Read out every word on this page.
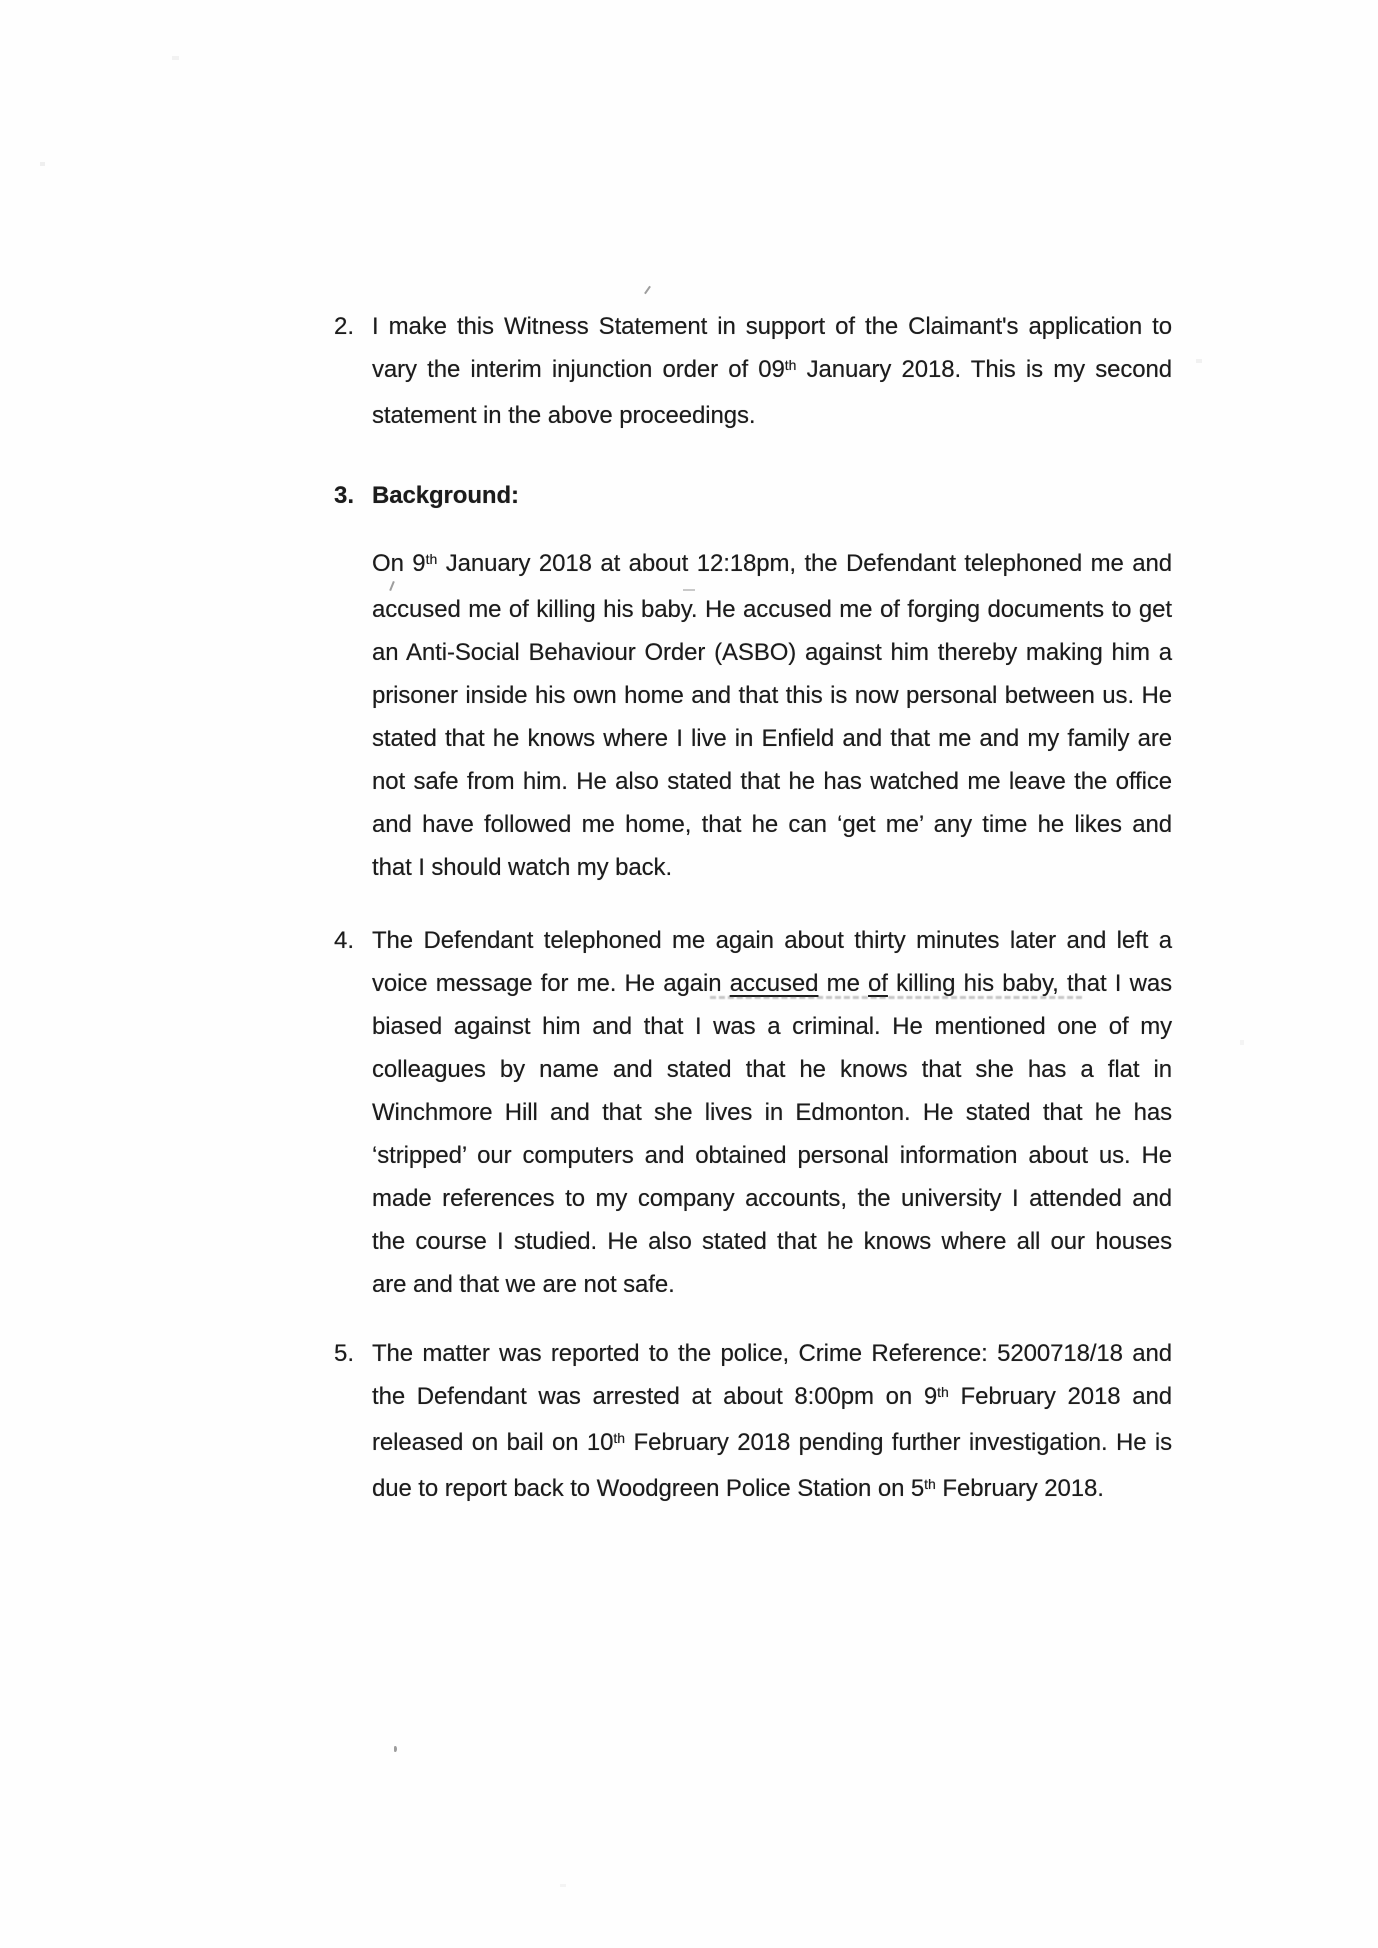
2. I make this Witness Statement in support of the Claimant's application to
vary the interim injunction order of 09th January 2018. This is my second
statement in the above proceedings.
3. Background:
On 9th January 2018 at about 12:18pm, the Defendant telephoned me and
accused me of killing his baby. He accused me of forging documents to get
an Anti-Social Behaviour Order (ASBO) against him thereby making him a
prisoner inside his own home and that this is now personal between us. He
stated that he knows where I live in Enfield and that me and my family are
not safe from him. He also stated that he has watched me leave the office
and have followed me home, that he can ‘get me’ any time he likes and
that I should watch my back.
4. The Defendant telephoned me again about thirty minutes later and left a
voice message for me. He again accused me of killing his baby, that I was
biased against him and that I was a criminal. He mentioned one of my
colleagues by name and stated that he knows that she has a flat in
Winchmore Hill and that she lives in Edmonton. He stated that he has
‘stripped’ our computers and obtained personal information about us. He
made references to my company accounts, the university I attended and
the course I studied. He also stated that he knows where all our houses
are and that we are not safe.
5. The matter was reported to the police, Crime Reference: 5200718/18 and
the Defendant was arrested at about 8:00pm on 9th February 2018 and
released on bail on 10th February 2018 pending further investigation. He is
due to report back to Woodgreen Police Station on 5th February 2018.
